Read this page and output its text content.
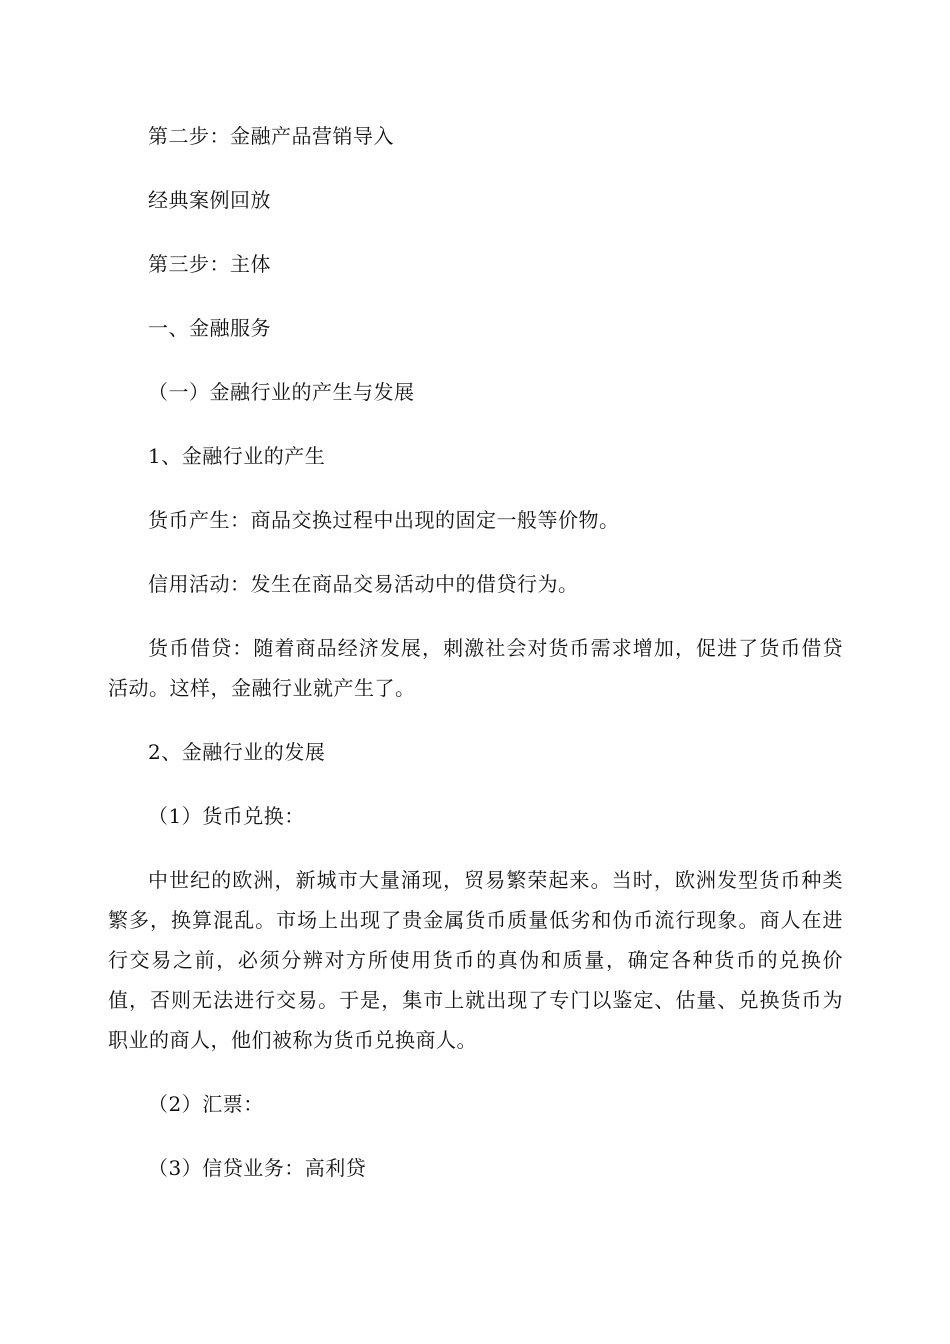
第二步：金融产品营销导入

经典案例回放

第三步：主体

一、金融服务

（一）金融行业的产生与发展

1、金融行业的产生

货币产生：商品交换过程中出现的固定一般等价物。

信用活动：发生在商品交易活动中的借贷行为。

货币借贷：随着商品经济发展，刺激社会对货币需求增加，促进了货币借贷活动。这样，金融行业就产生了。

2、金融行业的发展

（1）货币兑换：

中世纪的欧洲，新城市大量涌现，贸易繁荣起来。当时，欧洲发型货币种类繁多，换算混乱。市场上出现了贵金属货币质量低劣和伪币流行现象。商人在进行交易之前，必须分辨对方所使用货币的真伪和质量，确定各种货币的兑换价值，否则无法进行交易。于是，集市上就出现了专门以鉴定、估量、兑换货币为职业的商人，他们被称为货币兑换商人。

（2）汇票：

（3）信贷业务：高利贷
